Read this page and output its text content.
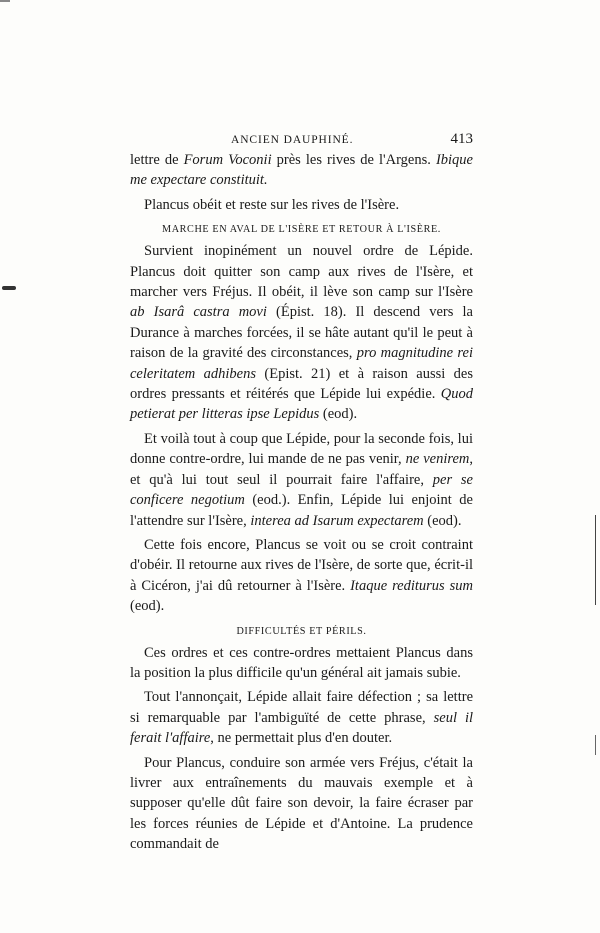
ANCIEN DAUPHINÉ.	413

lettre de Forum Voconii près les rives de l'Argens. Ibique me expectare constituit.

Plancus obéit et reste sur les rives de l'Isère.

MARCHE EN AVAL DE L'ISÈRE ET RETOUR À L'ISÈRE.

Survient inopinément un nouvel ordre de Lépide. Plancus doit quitter son camp aux rives de l'Isère, et marcher vers Fréjus. Il obéit, il lève son camp sur l'Isère ab Isarâ castra movi (Épist. 18). Il descend vers la Durance à marches forcées, il se hâte autant qu'il le peut à raison de la gravité des circonstances, pro magnitudine rei celeritatem adhibens (Epist. 21) et à raison aussi des ordres pressants et réitérés que Lépide lui expédie. Quod petierat per litteras ipse Lepidus (eod).

Et voilà tout à coup que Lépide, pour la seconde fois, lui donne contre-ordre, lui mande de ne pas venir, ne venirem, et qu'à lui tout seul il pourrait faire l'affaire, per se conficere negotium (eod.). Enfin, Lépide lui enjoint de l'attendre sur l'Isère, interea ad Isarum expectarem (eod).

Cette fois encore, Plancus se voit ou se croit contraint d'obéir. Il retourne aux rives de l'Isère, de sorte que, écrit-il à Cicéron, j'ai dû retourner à l'Isère. Itaque rediturus sum (eod).

DIFFICULTÉS ET PÉRILS.

Ces ordres et ces contre-ordres mettaient Plancus dans la position la plus difficile qu'un général ait jamais subie.

Tout l'annonçait, Lépide allait faire défection ; sa lettre si remarquable par l'ambiguïté de cette phrase, seul il ferait l'affaire, ne permettait plus d'en douter.

Pour Plancus, conduire son armée vers Fréjus, c'était la livrer aux entraînements du mauvais exemple et à supposer qu'elle dût faire son devoir, la faire écraser par les forces réunies de Lépide et d'Antoine. La prudence commandait de
